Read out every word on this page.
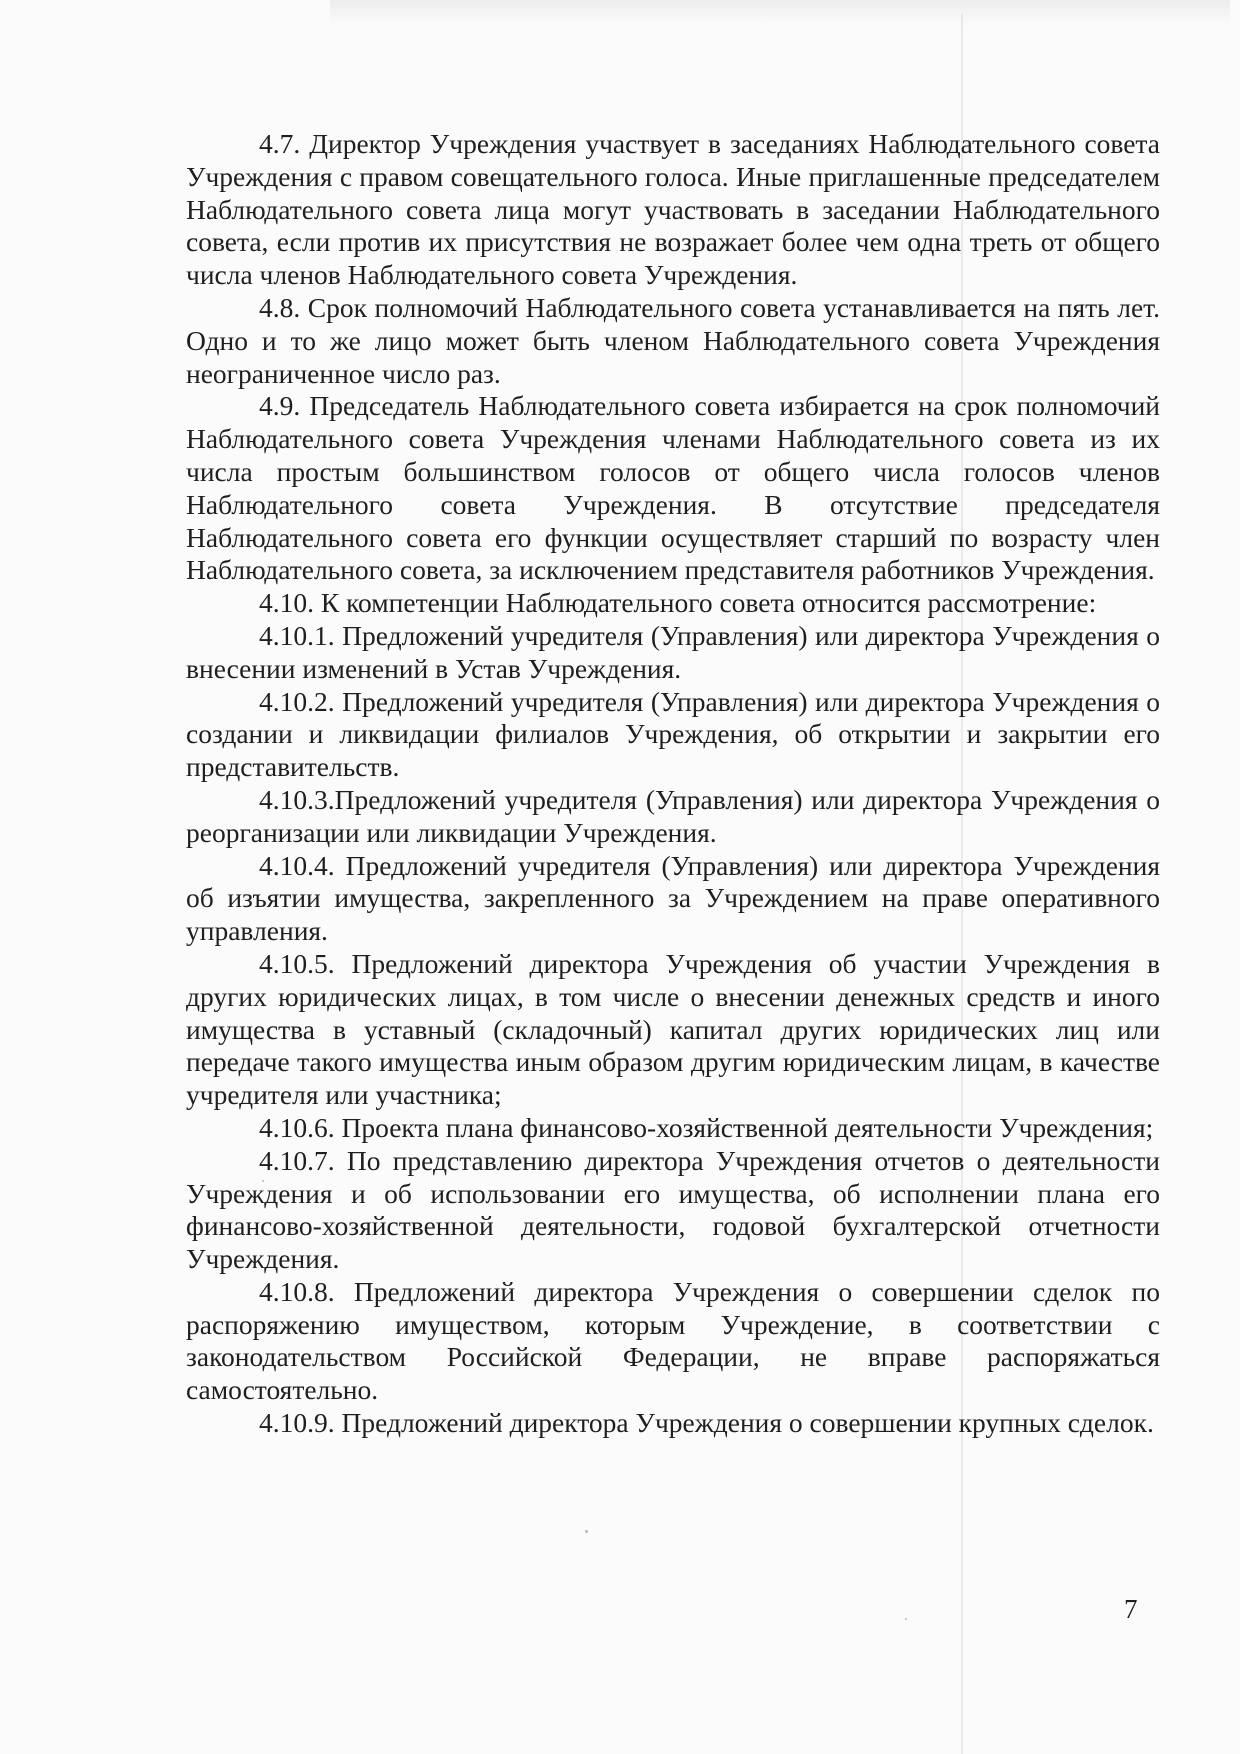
4.7. Директор Учреждения участвует в заседаниях Наблюдательного совета Учреждения с правом совещательного голоса. Иные приглашенные председателем Наблюдательного совета лица могут участвовать в заседании Наблюдательного совета, если против их присутствия не возражает более чем одна треть от общего числа членов Наблюдательного совета Учреждения.

4.8. Срок полномочий Наблюдательного совета устанавливается на пять лет. Одно и то же лицо может быть членом Наблюдательного совета Учреждения неограниченное число раз.

4.9. Председатель Наблюдательного совета избирается на срок полномочий Наблюдательного совета Учреждения членами Наблюдательного совета из их числа простым большинством голосов от общего числа голосов членов Наблюдательного совета Учреждения. В отсутствие председателя Наблюдательного совета его функции осуществляет старший по возрасту член Наблюдательного совета, за исключением представителя работников Учреждения.

4.10. К компетенции Наблюдательного совета относится рассмотрение:

4.10.1. Предложений учредителя (Управления) или директора Учреждения о внесении изменений в Устав Учреждения.

4.10.2. Предложений учредителя (Управления) или директора Учреждения о создании и ликвидации филиалов Учреждения, об открытии и закрытии его представительств.

4.10.3.Предложений учредителя (Управления) или директора Учреждения о реорганизации или ликвидации Учреждения.

4.10.4. Предложений учредителя (Управления) или директора Учреждения об изъятии имущества, закрепленного за Учреждением на праве оперативного управления.

4.10.5. Предложений директора Учреждения об участии Учреждения в других юридических лицах, в том числе о внесении денежных средств и иного имущества в уставный (складочный) капитал других юридических лиц или передаче такого имущества иным образом другим юридическим лицам, в качестве учредителя или участника;

4.10.6. Проекта плана финансово-хозяйственной деятельности Учреждения;

4.10.7. По представлению директора Учреждения отчетов о деятельности Учреждения и об использовании его имущества, об исполнении плана его финансово-хозяйственной деятельности, годовой бухгалтерской отчетности Учреждения.

4.10.8. Предложений директора Учреждения о совершении сделок по распоряжению имуществом, которым Учреждение, в соответствии с законодательством Российской Федерации, не вправе распоряжаться самостоятельно.

4.10.9. Предложений директора Учреждения о совершении крупных сделок.

7
